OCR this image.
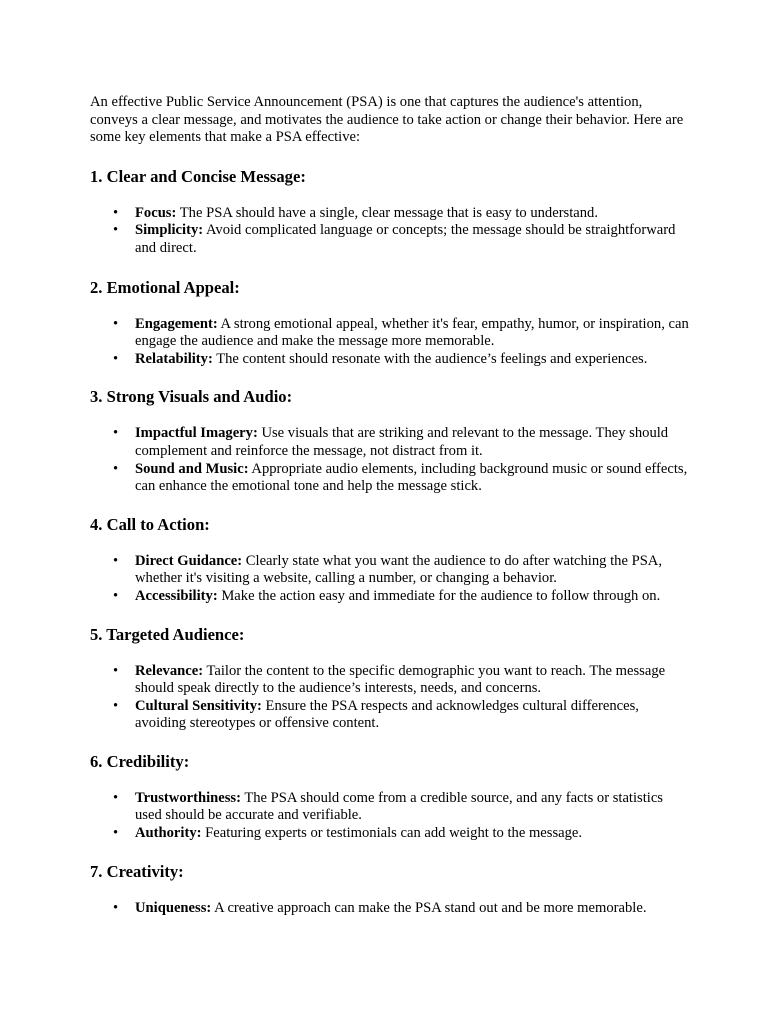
An effective Public Service Announcement (PSA) is one that captures the audience's attention, conveys a clear message, and motivates the audience to take action or change their behavior. Here are some key elements that make a PSA effective:

1. Clear and Concise Message:
• Focus: The PSA should have a single, clear message that is easy to understand.
• Simplicity: Avoid complicated language or concepts; the message should be straightforward and direct.
2. Emotional Appeal:
• Engagement: A strong emotional appeal, whether it's fear, empathy, humor, or inspiration, can engage the audience and make the message more memorable.
• Relatability: The content should resonate with the audience’s feelings and experiences.
3. Strong Visuals and Audio:
• Impactful Imagery: Use visuals that are striking and relevant to the message. They should complement and reinforce the message, not distract from it.
• Sound and Music: Appropriate audio elements, including background music or sound effects, can enhance the emotional tone and help the message stick.
4. Call to Action:
• Direct Guidance: Clearly state what you want the audience to do after watching the PSA, whether it's visiting a website, calling a number, or changing a behavior.
• Accessibility: Make the action easy and immediate for the audience to follow through on.
5. Targeted Audience:
• Relevance: Tailor the content to the specific demographic you want to reach. The message should speak directly to the audience’s interests, needs, and concerns.
• Cultural Sensitivity: Ensure the PSA respects and acknowledges cultural differences, avoiding stereotypes or offensive content.
6. Credibility:
• Trustworthiness: The PSA should come from a credible source, and any facts or statistics used should be accurate and verifiable.
• Authority: Featuring experts or testimonials can add weight to the message.
7. Creativity:
• Uniqueness: A creative approach can make the PSA stand out and be more memorable.
